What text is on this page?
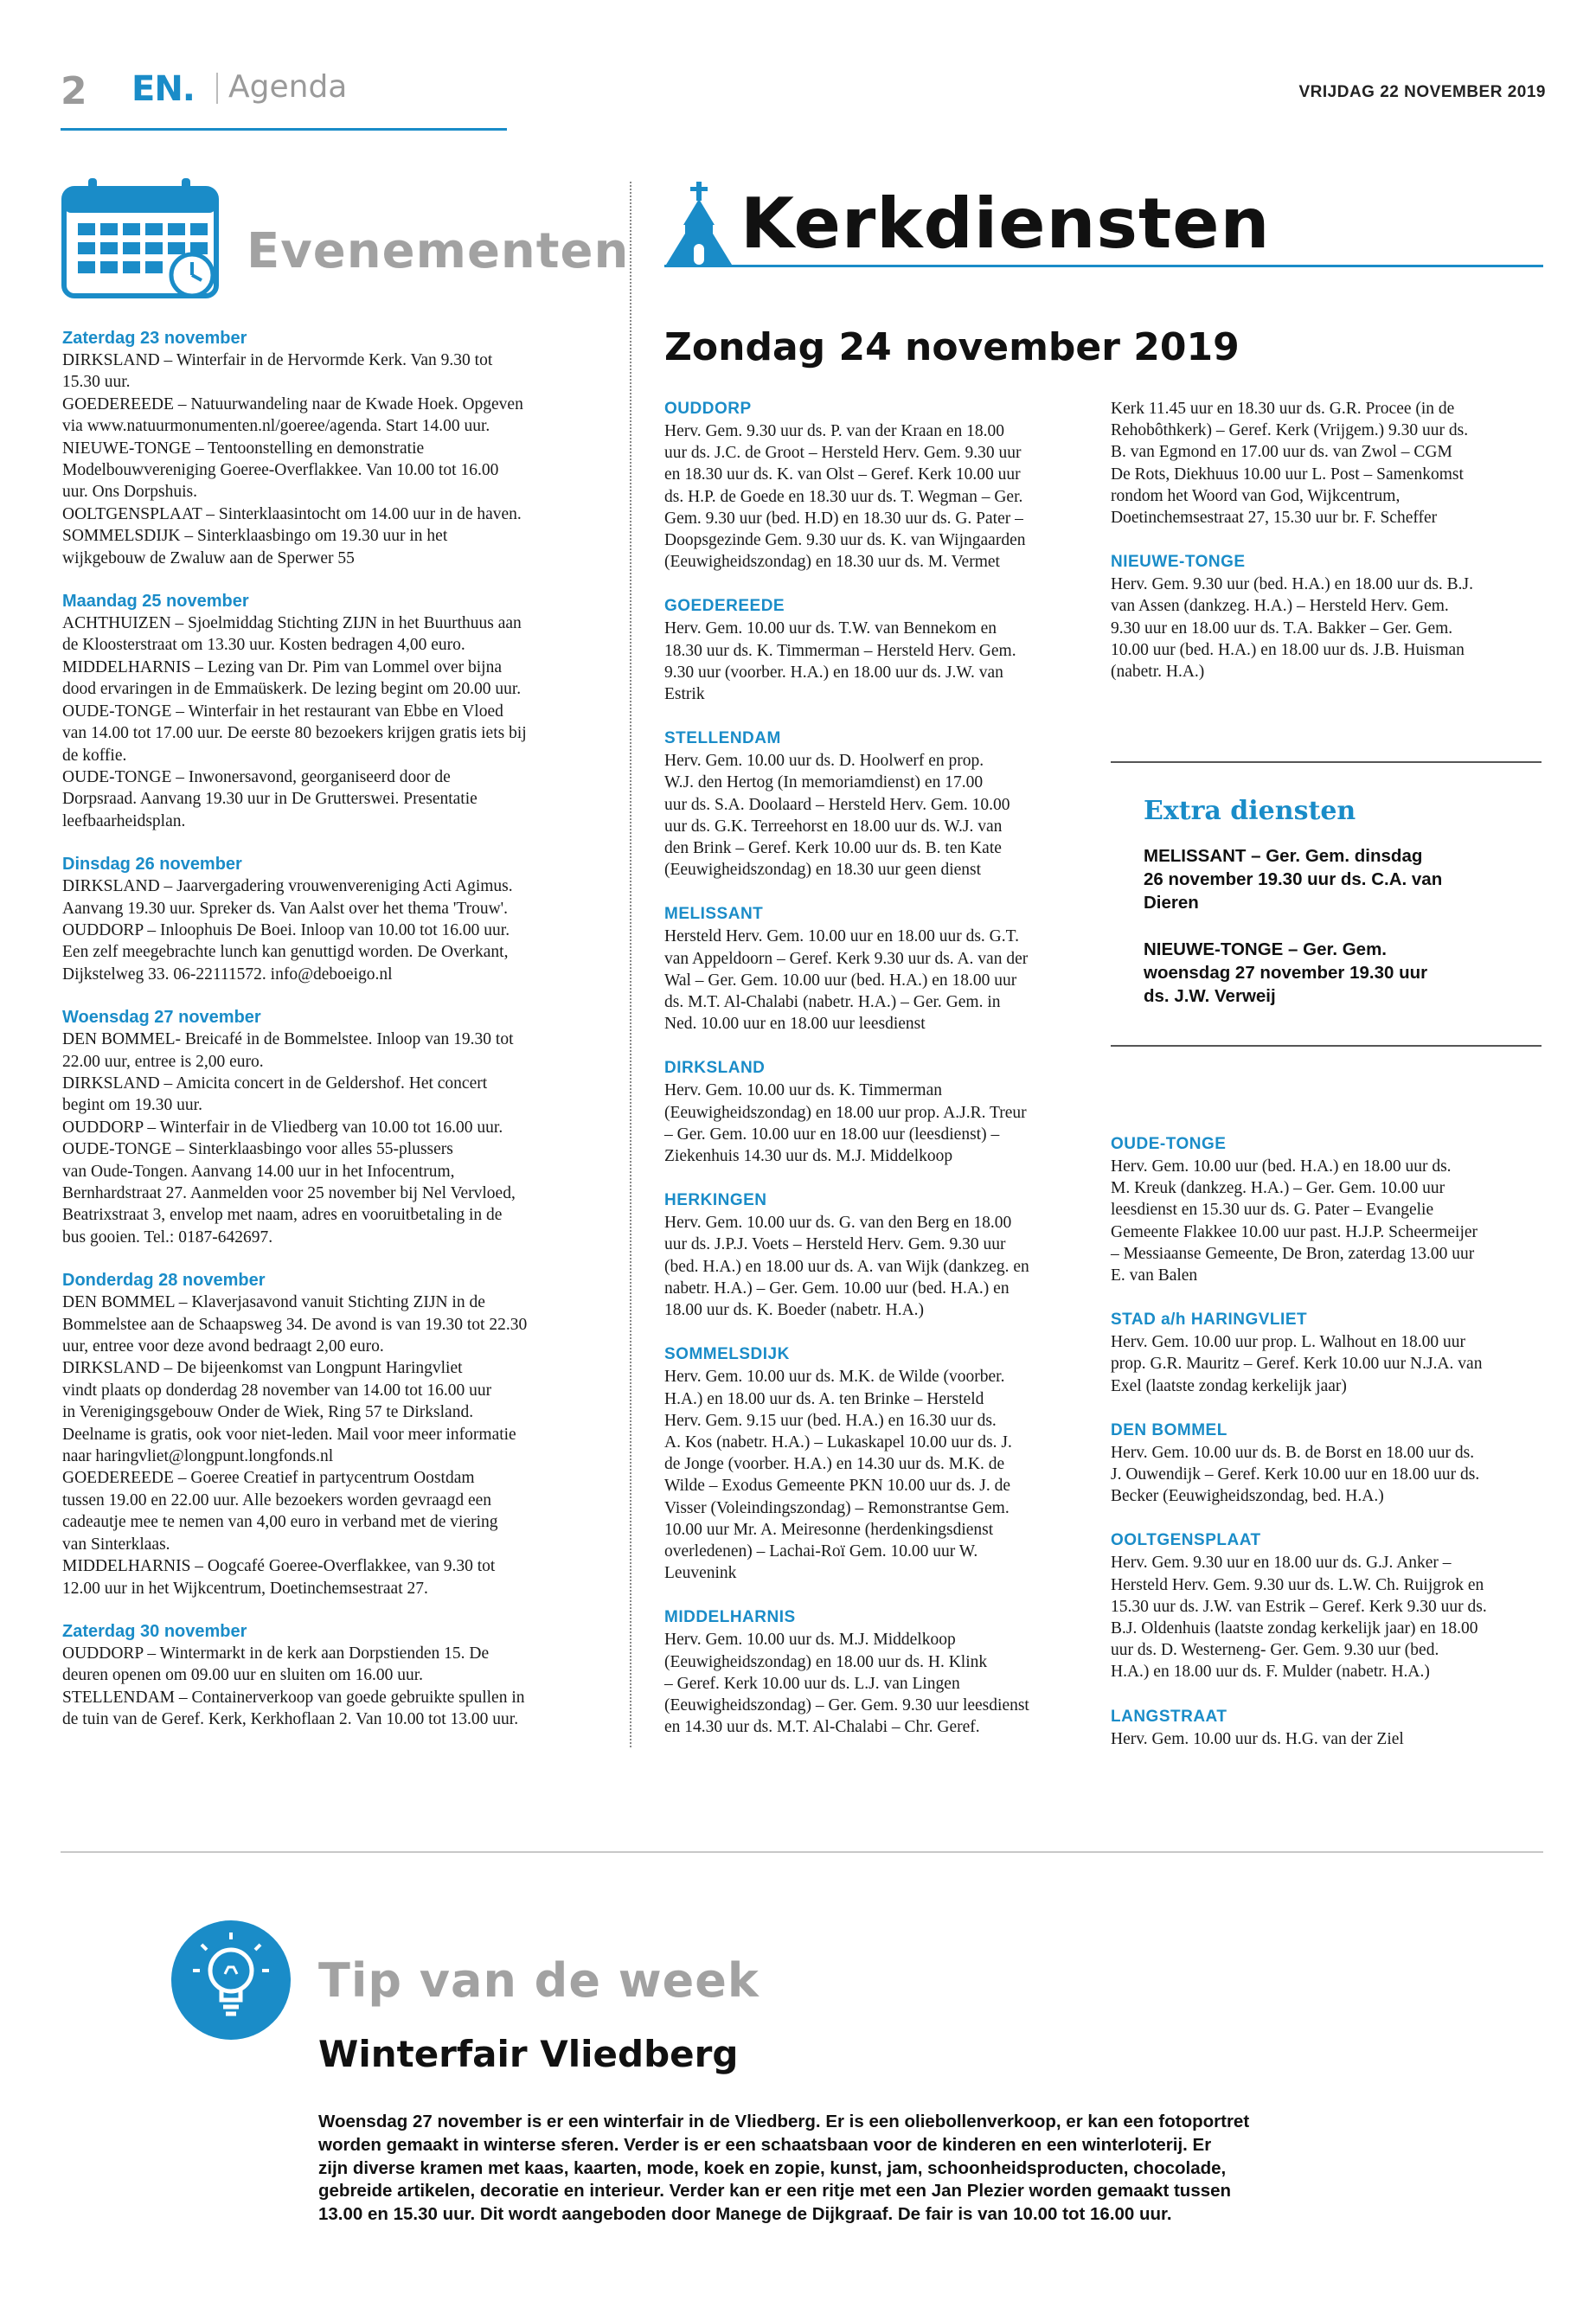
2 EN. Agenda	VRIJDAG 22 NOVEMBER 2019
Evenementen
Zaterdag 23 november
DIRKSLAND – Winterfair in de Hervormde Kerk. Van 9.30 tot
15.30 uur.
GOEDEREEDE – Natuurwandeling naar de Kwade Hoek. Opgeven
via www.natuurmonumenten.nl/goeree/agenda. Start 14.00 uur.
NIEUWE-TONGE – Tentoonstelling en demonstratie
Modelbouwvereniging Goeree-Overflakkee. Van 10.00 tot 16.00
uur. Ons Dorpshuis.
OOLTGENSPLAAT – Sinterklaasintocht om 14.00 uur in de haven.
SOMMELSDIJK – Sinterklaasbingo om 19.30 uur in het
wijkgebouw de Zwaluw aan de Sperwer 55
Maandag 25 november
ACHTHUIZEN – Sjoelmiddag Stichting ZIJN in het Buurthuus aan
de Kloosterstraat om 13.30 uur. Kosten bedragen 4,00 euro.
MIDDELHARNIS – Lezing van Dr. Pim van Lommel over bijna
dood ervaringen in de Emmaüskerk. De lezing begint om 20.00 uur.
OUDE-TONGE – Winterfair in het restaurant van Ebbe en Vloed
van 14.00 tot 17.00 uur. De eerste 80 bezoekers krijgen gratis iets bij
de koffie.
OUDE-TONGE – Inwonersavond, georganiseerd door de
Dorpsraad. Aanvang 19.30 uur in De Grutterswei. Presentatie
leefbaarheidsplan.
Dinsdag 26 november
DIRKSLAND – Jaarvergadering vrouwenvereniging Acti Agimus.
Aanvang 19.30 uur. Spreker ds. Van Aalst over het thema 'Trouw'.
OUDDORP – Inloophuis De Boei. Inloop van 10.00 tot 16.00 uur.
Een zelf meegebrachte lunch kan genuttigd worden. De Overkant,
Dijkstelweg 33. 06-22111572. info@deboeigo.nl
Woensdag 27 november
DEN BOMMEL- Breicafé in de Bommelstee. Inloop van 19.30 tot
22.00 uur, entree is 2,00 euro.
DIRKSLAND – Amicita concert in de Geldershof. Het concert
begint om 19.30 uur.
OUDDORP – Winterfair in de Vliedberg van 10.00 tot 16.00 uur.
OUDE-TONGE – Sinterklaasbingo voor alles 55-plussers
van Oude-Tongen. Aanvang 14.00 uur in het Infocentrum,
Bernhardstraat 27. Aanmelden voor 25 november bij Nel Vervloed,
Beatrixstraat 3, envelop met naam, adres en vooruitbetaling in de
bus gooien. Tel.: 0187-642697.
Donderdag 28 november
DEN BOMMEL – Klaverjasavond vanuit Stichting ZIJN in de
Bommelstee aan de Schaapsweg 34. De avond is van 19.30 tot 22.30
uur, entree voor deze avond bedraagt 2,00 euro.
DIRKSLAND – De bijeenkomst van Longpunt Haringvliet
vindt plaats op donderdag 28 november van 14.00 tot 16.00 uur
in Verenigingsgebouw Onder de Wiek, Ring 57 te Dirksland.
Deelname is gratis, ook voor niet-leden. Mail voor meer informatie
naar haringvliet@longpunt.longfonds.nl
GOEDEREEDE – Goeree Creatief in partycentrum Oostdam
tussen 19.00 en 22.00 uur. Alle bezoekers worden gevraagd een
cadeautje mee te nemen van 4,00 euro in verband met de viering
van Sinterklaas.
MIDDELHARNIS – Oogcafé Goeree-Overflakkee, van 9.30 tot
12.00 uur in het Wijkcentrum, Doetinchemsestraat 27.
Zaterdag 30 november
OUDDORP – Wintermarkt in de kerk aan Dorpstienden 15. De
deuren openen om 09.00 uur en sluiten om 16.00 uur.
STELLENDAM – Containerverkoop van goede gebruikte spullen in
de tuin van de Geref. Kerk, Kerkhoflaan 2. Van 10.00 tot 13.00 uur.
Kerkdiensten
Zondag 24 november 2019
OUDDORP
Herv. Gem. 9.30 uur ds. P. van der Kraan en 18.00
uur ds. J.C. de Groot – Hersteld Herv. Gem. 9.30 uur
en 18.30 uur ds. K. van Olst – Geref. Kerk 10.00 uur
ds. H.P. de Goede en 18.30 uur ds. T. Wegman – Ger.
Gem. 9.30 uur (bed. H.D) en 18.30 uur ds. G. Pater –
Doopsgezinde Gem. 9.30 uur ds. K. van Wijngaarden
(Eeuwigheidszondag) en 18.30 uur ds. M. Vermet
GOEDEREEDE
Herv. Gem. 10.00 uur ds. T.W. van Bennekom en
18.30 uur ds. K. Timmerman – Hersteld Herv. Gem.
9.30 uur (voorber. H.A.) en 18.00 uur ds. J.W. van
Estrik
STELLENDAM
Herv. Gem. 10.00 uur ds. D. Hoolwerf en prop.
W.J. den Hertog (In memoriamdienst) en 17.00
uur ds. S.A. Doolaard – Hersteld Herv. Gem. 10.00
uur ds. G.K. Terreehorst en 18.00 uur ds. W.J. van
den Brink – Geref. Kerk 10.00 uur ds. B. ten Kate
(Eeuwigheidszondag) en 18.30 uur geen dienst
MELISSANT
Hersteld Herv. Gem. 10.00 uur en 18.00 uur ds. G.T.
van Appeldoorn – Geref. Kerk 9.30 uur ds. A. van der
Wal – Ger. Gem. 10.00 uur (bed. H.A.) en 18.00 uur
ds. M.T. Al-Chalabi (nabetr. H.A.) – Ger. Gem. in
Ned. 10.00 uur en 18.00 uur leesdienst
DIRKSLAND
Herv. Gem. 10.00 uur ds. K. Timmerman
(Eeuwigheidszondag) en 18.00 uur prop. A.J.R. Treur
– Ger. Gem. 10.00 uur en 18.00 uur (leesdienst) –
Ziekenhuis 14.30 uur ds. M.J. Middelkoop
HERKINGEN
Herv. Gem. 10.00 uur ds. G. van den Berg en 18.00
uur ds. J.P.J. Voets – Hersteld Herv. Gem. 9.30 uur
(bed. H.A.) en 18.00 uur ds. A. van Wijk (dankzeg. en
nabetr. H.A.) – Ger. Gem. 10.00 uur (bed. H.A.) en
18.00 uur ds. K. Boeder (nabetr. H.A.)
SOMMELSDIJK
Herv. Gem. 10.00 uur ds. M.K. de Wilde (voorber.
H.A.) en 18.00 uur ds. A. ten Brinke – Hersteld
Herv. Gem. 9.15 uur (bed. H.A.) en 16.30 uur ds.
A. Kos (nabetr. H.A.) – Lukaskapel 10.00 uur ds. J.
de Jonge (voorber. H.A.) en 14.30 uur ds. M.K. de
Wilde – Exodus Gemeente PKN 10.00 uur ds. J. de
Visser (Voleindingszondag) – Remonstrantse Gem.
10.00 uur Mr. A. Meiresonne (herdenkingsdienst
overledenen) – Lachai-Roï Gem. 10.00 uur W.
Leuvenink
MIDDELHARNIS
Herv. Gem. 10.00 uur ds. M.J. Middelkoop
(Eeuwigheidszondag) en 18.00 uur ds. H. Klink
– Geref. Kerk 10.00 uur ds. L.J. van Lingen
(Eeuwigheidszondag) – Ger. Gem. 9.30 uur leesdienst
en 14.30 uur ds. M.T. Al-Chalabi – Chr. Geref.
Kerk 11.45 uur en 18.30 uur ds. G.R. Procee (in de
Rehobôthkerk) – Geref. Kerk (Vrijgem.) 9.30 uur ds.
B. van Egmond en 17.00 uur ds. van Zwol – CGM
De Rots, Diekhuus 10.00 uur L. Post – Samenkomst
rondom het Woord van God, Wijkcentrum,
Doetinchemsestraat 27, 15.30 uur br. F. Scheffer
NIEUWE-TONGE
Herv. Gem. 9.30 uur (bed. H.A.) en 18.00 uur ds. B.J.
van Assen (dankzeg. H.A.) – Hersteld Herv. Gem.
9.30 uur en 18.00 uur ds. T.A. Bakker – Ger. Gem.
10.00 uur (bed. H.A.) en 18.00 uur ds. J.B. Huisman
(nabetr. H.A.)
Extra diensten
MELISSANT – Ger. Gem. dinsdag
26 november 19.30 uur ds. C.A. van
Dieren
NIEUWE-TONGE – Ger. Gem.
woensdag 27 november 19.30 uur
ds. J.W. Verweij
OUDE-TONGE
Herv. Gem. 10.00 uur (bed. H.A.) en 18.00 uur ds.
M. Kreuk (dankzeg. H.A.) – Ger. Gem. 10.00 uur
leesdienst en 15.30 uur ds. G. Pater – Evangelie
Gemeente Flakkee 10.00 uur past. H.J.P. Scheermeijer
– Messiaanse Gemeente, De Bron, zaterdag 13.00 uur
E. van Balen
STAD a/h HARINGVLIET
Herv. Gem. 10.00 uur prop. L. Walhout en 18.00 uur
prop. G.R. Mauritz – Geref. Kerk 10.00 uur N.J.A. van
Exel (laatste zondag kerkelijk jaar)
DEN BOMMEL
Herv. Gem. 10.00 uur ds. B. de Borst en 18.00 uur ds.
J. Ouwendijk – Geref. Kerk 10.00 uur en 18.00 uur ds.
Becker (Eeuwigheidszondag, bed. H.A.)
OOLTGENSPLAAT
Herv. Gem. 9.30 uur en 18.00 uur ds. G.J. Anker –
Hersteld Herv. Gem. 9.30 uur ds. L.W. Ch. Ruijgrok en
15.30 uur ds. J.W. van Estrik – Geref. Kerk 9.30 uur ds.
B.J. Oldenhuis (laatste zondag kerkelijk jaar) en 18.00
uur ds. D. Westerneng- Ger. Gem. 9.30 uur (bed.
H.A.) en 18.00 uur ds. F. Mulder (nabetr. H.A.)
LANGSTRAAT
Herv. Gem. 10.00 uur ds. H.G. van der Ziel
Tip van de week
Winterfair Vliedberg
Woensdag 27 november is er een winterfair in de Vliedberg. Er is een oliebollenverkoop, er kan een fotoportret
worden gemaakt in winterse sferen. Verder is er een schaatsbaan voor de kinderen en een winterloterij. Er
zijn diverse kramen met kaas, kaarten, mode, koek en zopie, kunst, jam, schoonheidsproducten, chocolade,
gebreide artikelen, decoratie en interieur. Verder kan er een ritje met een Jan Plezier worden gemaakt tussen
13.00 en 15.30 uur. Dit wordt aangeboden door Manege de Dijkgraaf. De fair is van 10.00 tot 16.00 uur.
